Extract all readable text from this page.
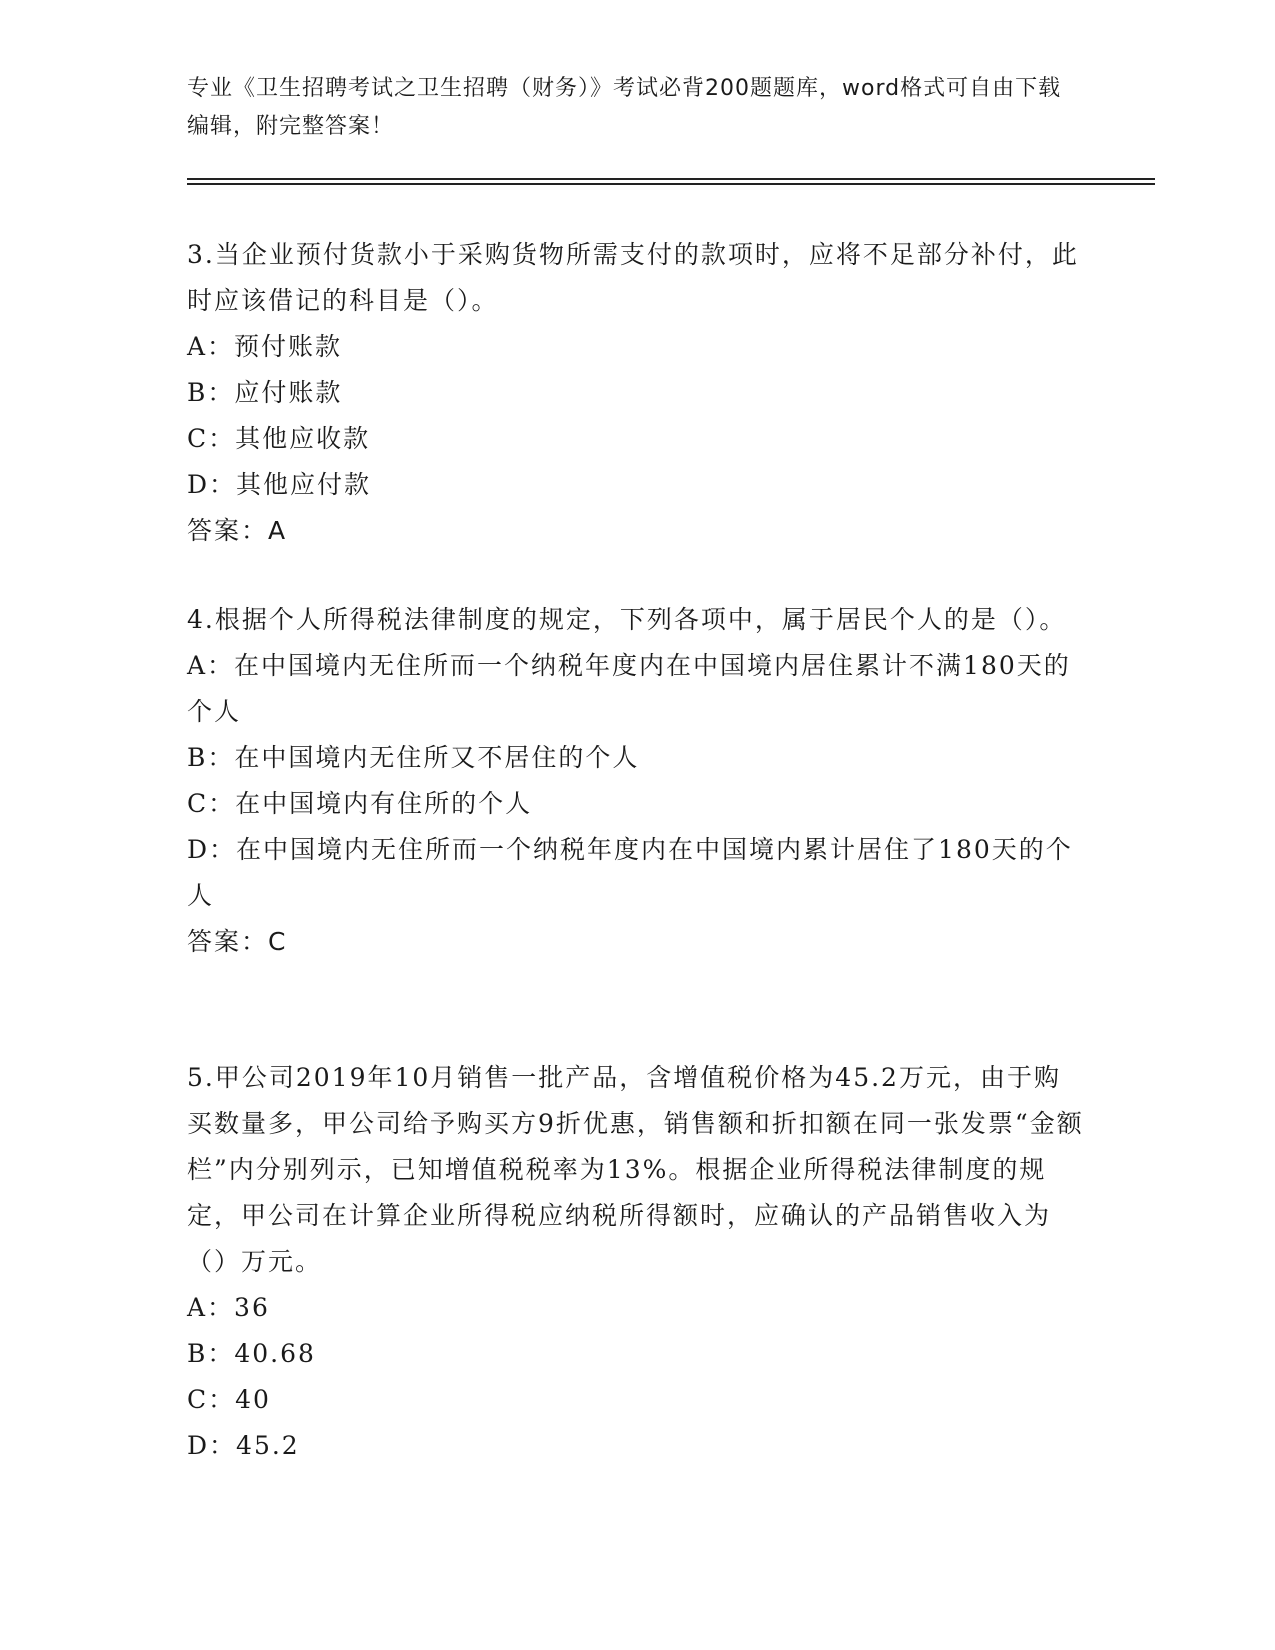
专业《卫生招聘考试之卫生招聘（财务）》考试必背200题题库，word格式可自由下载编辑，附完整答案！

3.当企业预付货款小于采购货物所需支付的款项时，应将不足部分补付，此时应该借记的科目是（）。

A：预付账款

B：应付账款

C：其他应收款

D：其他应付款

答案：A

4.根据个人所得税法律制度的规定，下列各项中，属于居民个人的是（）。

A：在中国境内无住所而一个纳税年度内在中国境内居住累计不满180天的个人

B：在中国境内无住所又不居住的个人

C：在中国境内有住所的个人

D：在中国境内无住所而一个纳税年度内在中国境内累计居住了180天的个人

答案：C

5.甲公司2019年10月销售一批产品，含增值税价格为45.2万元，由于购买数量多，甲公司给予购买方9折优惠，销售额和折扣额在同一张发票“金额栏”内分别列示，已知增值税税率为13%。根据企业所得税法律制度的规定，甲公司在计算企业所得税应纳税所得额时，应确认的产品销售收入为（）万元。

A：36

B：40.68

C：40

D：45.2
